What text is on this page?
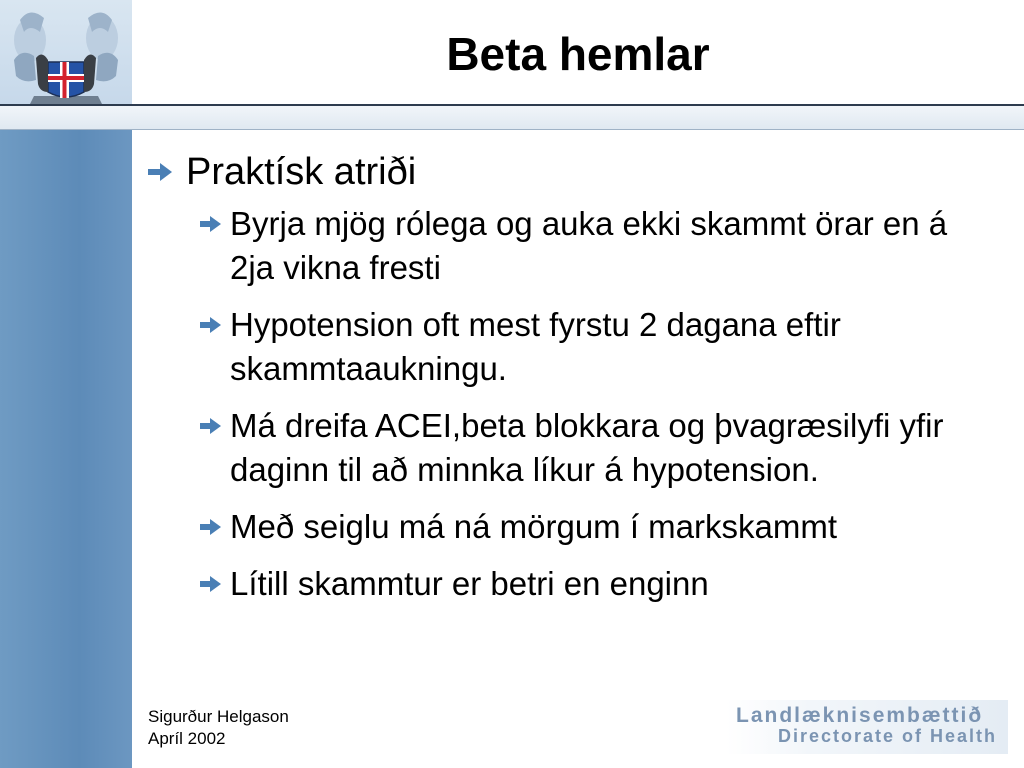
Beta hemlar
Praktísk atriði
Byrja mjög rólega og auka ekki skammt örar en á 2ja vikna fresti
Hypotension oft mest fyrstu 2 dagana eftir skammtaaukningu.
Má dreifa ACEI,beta blokkara og þvagræsilyfi yfir daginn til að minnka líkur á hypotension.
Með seiglu má ná mörgum í markskammt
Lítill skammtur er betri en enginn
Sigurður Helgason
Apríl 2002
Landlæknisembættið
Directorate of Health
